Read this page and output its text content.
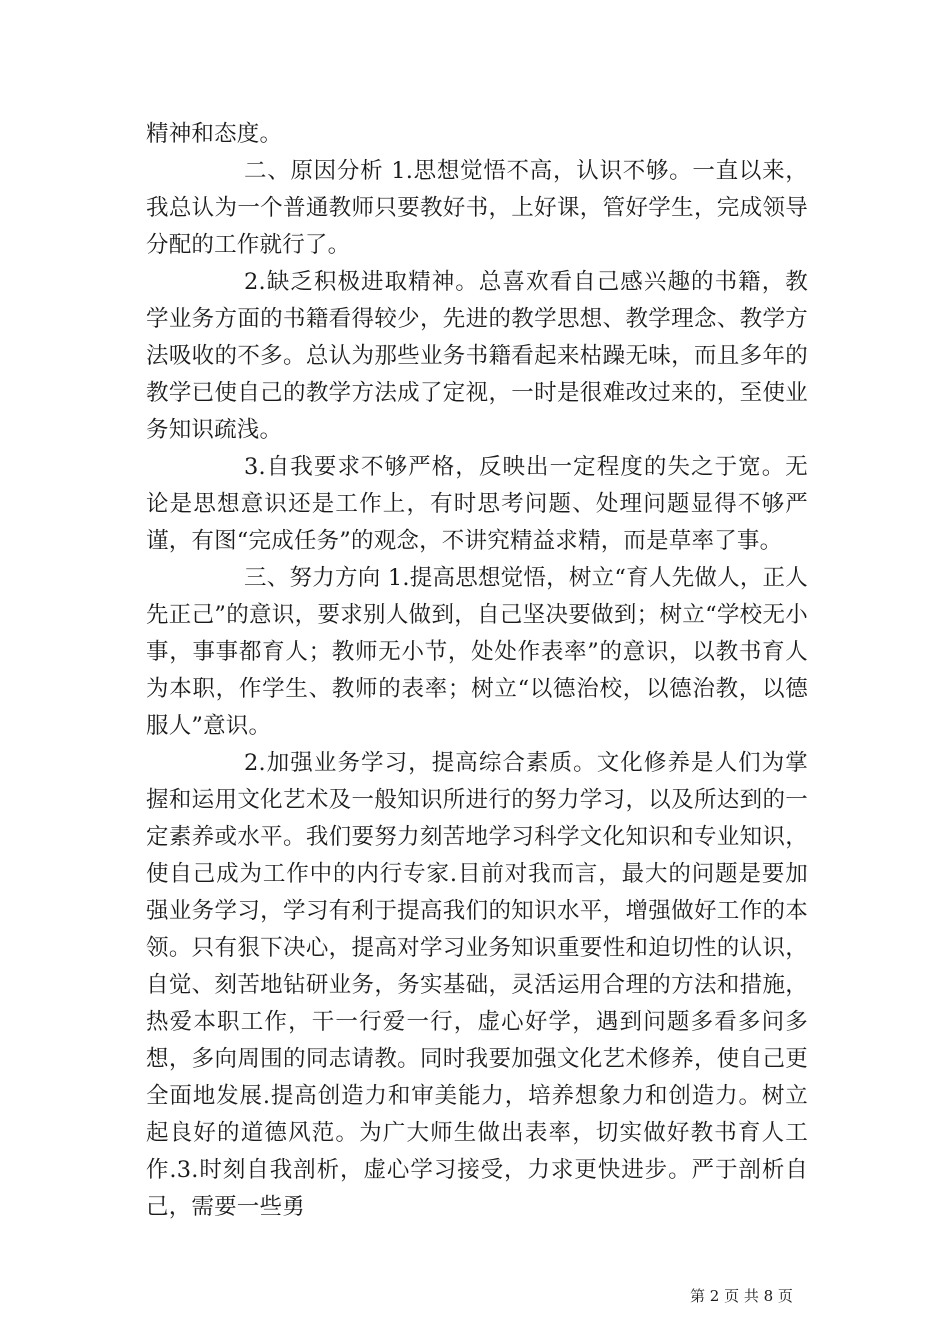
精神和态度。

二、原因分析 1.思想觉悟不高，认识不够。一直以来，我总认为一个普通教师只要教好书，上好课，管好学生，完成领导分配的工作就行了。

2.缺乏积极进取精神。总喜欢看自己感兴趣的书籍，教学业务方面的书籍看得较少，先进的教学思想、教学理念、教学方法吸收的不多。总认为那些业务书籍看起来枯躁无味，而且多年的教学已使自己的教学方法成了定视，一时是很难改过来的，至使业务知识疏浅。

3.自我要求不够严格，反映出一定程度的失之于宽。无论是思想意识还是工作上，有时思考问题、处理问题显得不够严谨，有图“完成任务”的观念，不讲究精益求精，而是草率了事。

三、努力方向 1.提高思想觉悟，树立“育人先做人，正人先正己”的意识，要求别人做到，自己坚决要做到；树立“学校无小事，事事都育人；教师无小节，处处作表率”的意识，以教书育人为本职，作学生、教师的表率；树立“以德治校，以德治教，以德服人”意识。

2.加强业务学习，提高综合素质。文化修养是人们为掌握和运用文化艺术及一般知识所进行的努力学习，以及所达到的一定素养或水平。我们要努力刻苦地学习科学文化知识和专业知识，使自己成为工作中的内行专家.目前对我而言，最大的问题是要加强业务学习，学习有利于提高我们的知识水平，增强做好工作的本领。只有狠下决心，提高对学习业务知识重要性和迫切性的认识，自觉、刻苦地钻研业务，务实基础，灵活运用合理的方法和措施，热爱本职工作，干一行爱一行，虚心好学，遇到问题多看多问多想，多向周围的同志请教。同时我要加强文化艺术修养，使自己更全面地发展.提高创造力和审美能力，培养想象力和创造力。树立起良好的道德风范。为广大师生做出表率，切实做好教书育人工作.3.时刻自我剖析，虚心学习接受，力求更快进步。严于剖析自己，需要一些勇

第 2 页 共 8 页
